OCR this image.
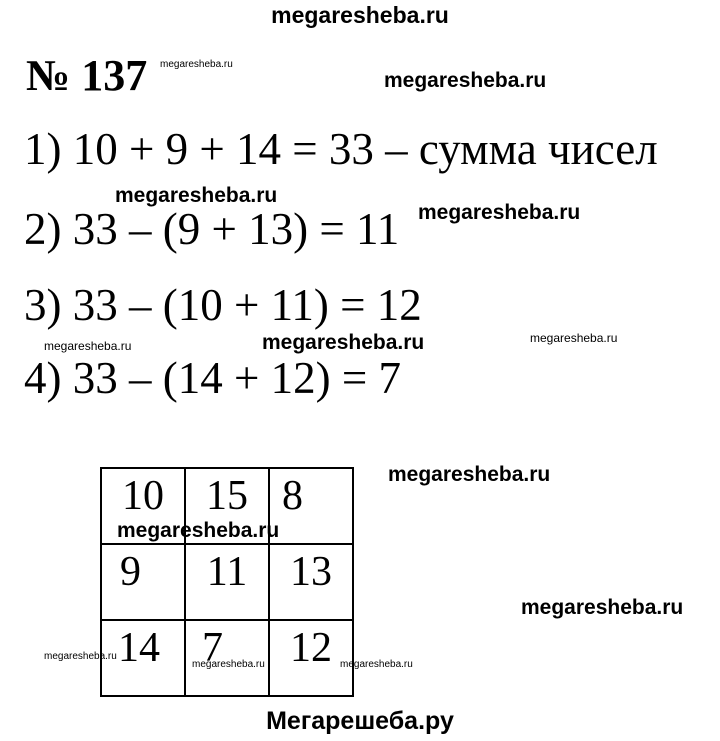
megaresheba.ru
№ 137
1) 10 + 9 + 14 = 33 – сумма чисел
2) 33 – (9 + 13) = 11
3) 33 – (10 + 11) = 12
4) 33 – (14 + 12) = 7
10	15	8

9	11	13

14	7	12
megaresheba.ru
megaresheba.ru
megaresheba.ru
megaresheba.ru
megaresheba.ru
megaresheba.ru	megaresheba.ru
megaresheba.ru
megaresheba.ru
megaresheba.ru
megaresheba.ru
megaresheba.ru	megaresheba.ru
Мегарешеба.ру
